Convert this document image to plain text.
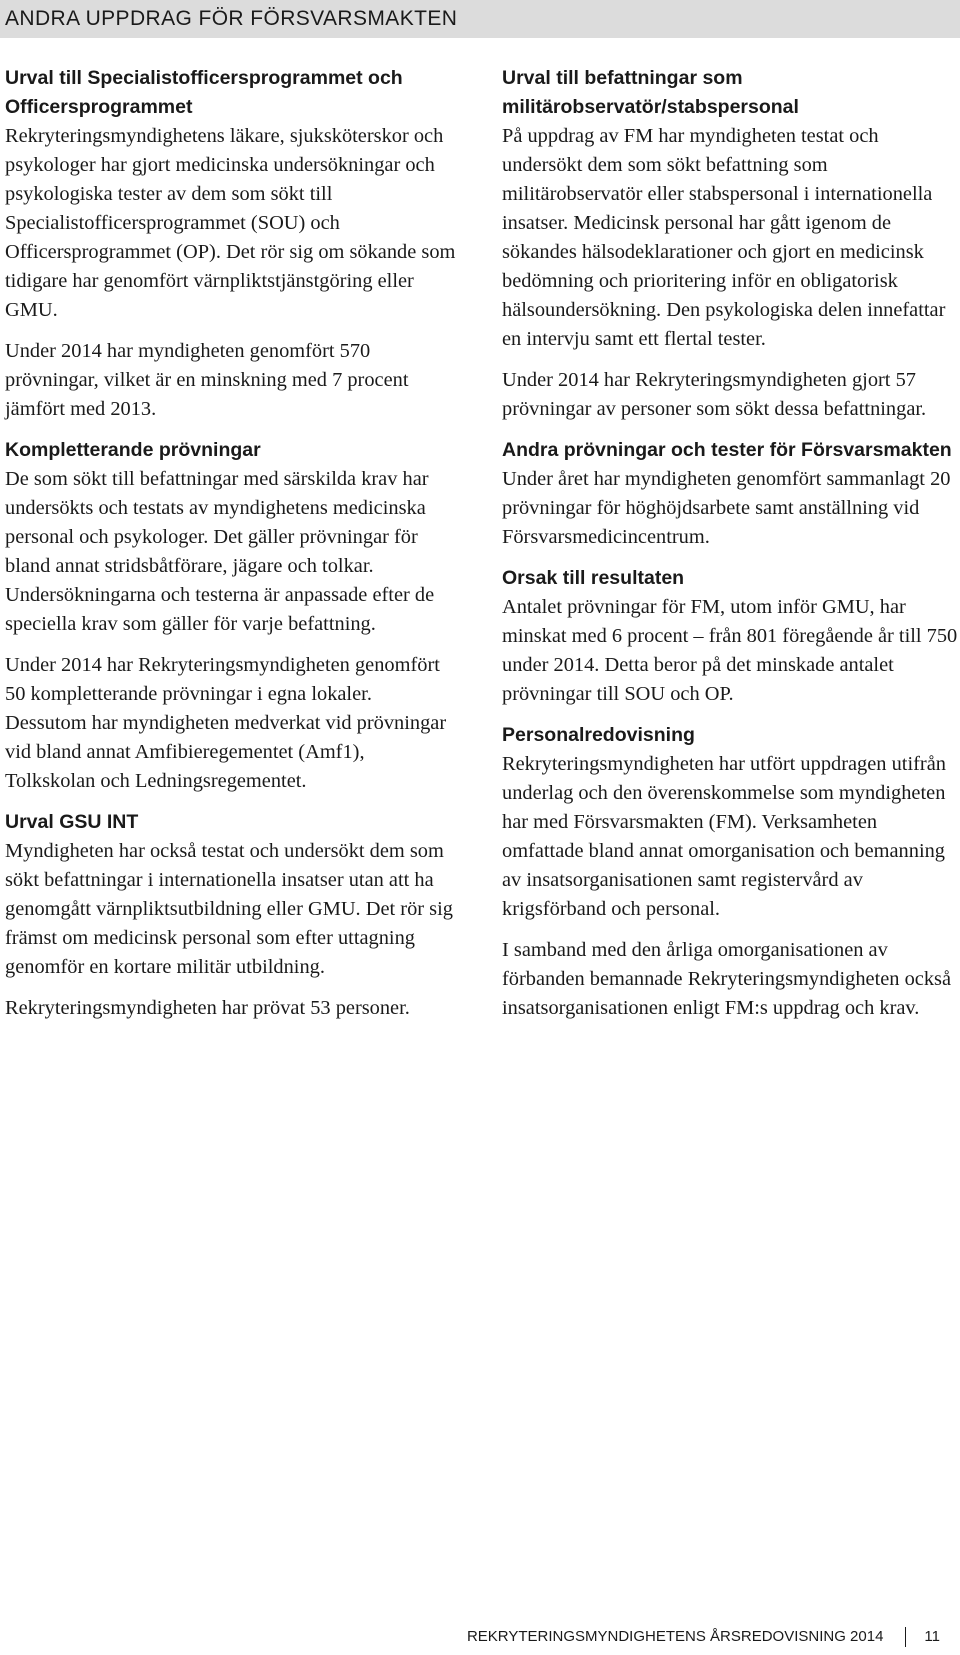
ANDRA UPPDRAG FÖR FÖRSVARSMAKTEN
Urval till Specialistofficersprogrammet och Officersprogrammet

Rekryteringsmyndighetens läkare, sjuksköterskor och psykologer har gjort medicinska undersökningar och psykologiska tester av dem som sökt till Specialistofficersprogrammet (SOU) och Officersprogrammet (OP). Det rör sig om sökande som tidigare har genomfört värnpliktstjänstgöring eller GMU.

Under 2014 har myndigheten genomfört 570 prövningar, vilket är en minskning med 7 procent jämfört med 2013.

Kompletterande prövningar

De som sökt till befattningar med särskilda krav har undersökts och testats av myndighetens medicinska personal och psykologer. Det gäller prövningar för bland annat stridsbåtförare, jägare och tolkar. Undersökningarna och testerna är anpassade efter de speciella krav som gäller för varje befattning.

Under 2014 har Rekryteringsmyndigheten genomfört 50 kompletterande prövningar i egna lokaler. Dessutom har myndigheten medverkat vid prövningar vid bland annat Amfibieregementet (Amf1), Tolkskolan och Ledningsregementet.

Urval GSU INT

Myndigheten har också testat och undersökt dem som sökt befattningar i internationella insatser utan att ha genomgått värnpliktsutbildning eller GMU. Det rör sig främst om medicinsk personal som efter uttagning genomför en kortare militär utbildning.

Rekryteringsmyndigheten har prövat 53 personer.

Urval till befattningar som militärobservatör/stabspersonal

På uppdrag av FM har myndigheten testat och undersökt dem som sökt befattning som militärobservatör eller stabspersonal i internationella insatser. Medicinsk personal har gått igenom de sökandes hälsodeklarationer och gjort en medicinsk bedömning och prioritering inför en obligatorisk hälsoundersökning. Den psykologiska delen innefattar en intervju samt ett flertal tester.

Under 2014 har Rekryteringsmyndigheten gjort 57 prövningar av personer som sökt dessa befattningar.

Andra prövningar och tester för Försvarsmakten

Under året har myndigheten genomfört sammanlagt 20 prövningar för höghöjdsarbete samt anställning vid Försvarsmedicincentrum.

Orsak till resultaten

Antalet prövningar för FM, utom inför GMU, har minskat med 6 procent – från 801 föregående år till 750 under 2014. Detta beror på det minskade antalet prövningar till SOU och OP.

Personalredovisning

Rekryteringsmyndigheten har utfört uppdragen utifrån underlag och den överenskommelse som myndigheten har med Försvarsmakten (FM). Verksamheten omfattade bland annat omorganisation och bemanning av insatsorganisationen samt registervård av krigsförband och personal.

I samband med den årliga omorganisationen av förbanden bemannade Rekryteringsmyndigheten också insatsorganisationen enligt FM:s uppdrag och krav.

REKRYTERINGSMYNDIGHETENS ÅRSREDOVISNING 2014	11
